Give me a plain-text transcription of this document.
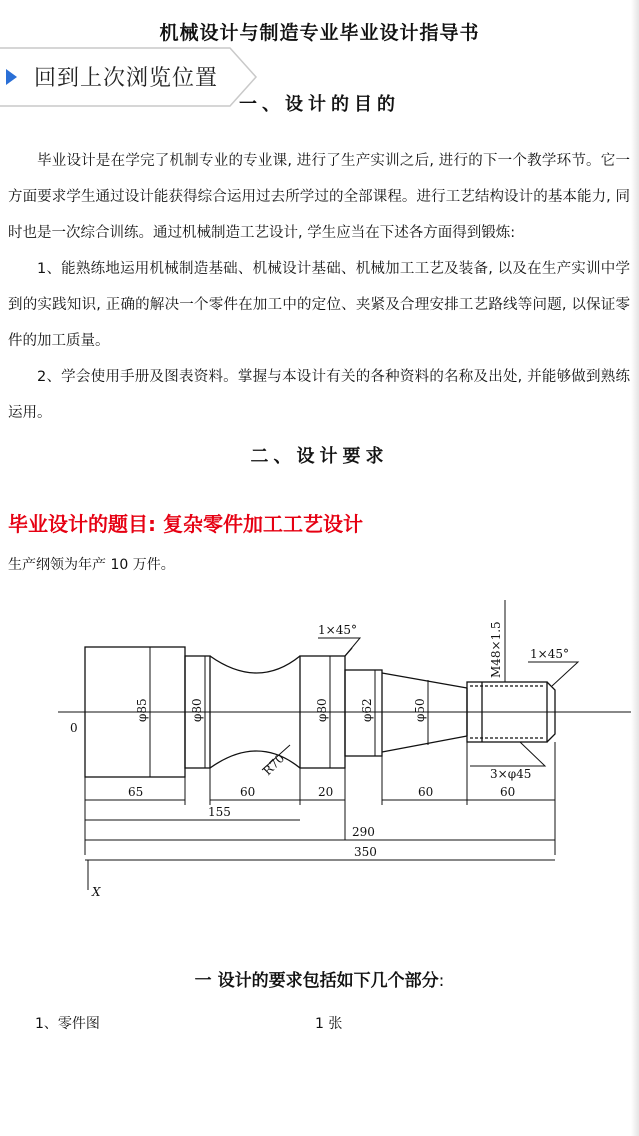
机械设计与制造专业毕业设计指导书
一、设计的目的
回到上次浏览位置

毕业设计是在学完了机制专业的专业课, 进行了生产实训之后, 进行的下一个教学环节。它一方面要求学生通过设计能获得综合运用过去所学过的全部课程。进行工艺结构设计的基本能力, 同时也是一次综合训练。通过机械制造工艺设计, 学生应当在下述各方面得到锻炼:

1、能熟练地运用机械制造基础、机械设计基础、机械加工工艺及装备, 以及在生产实训中学到的实践知识, 正确的解决一个零件在加工中的定位、夹紧及合理安排工艺路线等问题, 以保证零件的加工质量。

2、学会使用手册及图表资料。掌握与本设计有关的各种资料的名称及出处, 并能够做到熟练运用。

二、设计要求
毕业设计的题目: 复杂零件加工工艺设计
生产纲领为年产 10 万件。
1×45°
1×45°
M48×1.5
3×φ45
R70
0
X
φ85	φ80	φ80	φ62	φ50
65	60	20	60	60
155
290
350
一 设计的要求包括如下几个部分:
1、零件图	1 张
